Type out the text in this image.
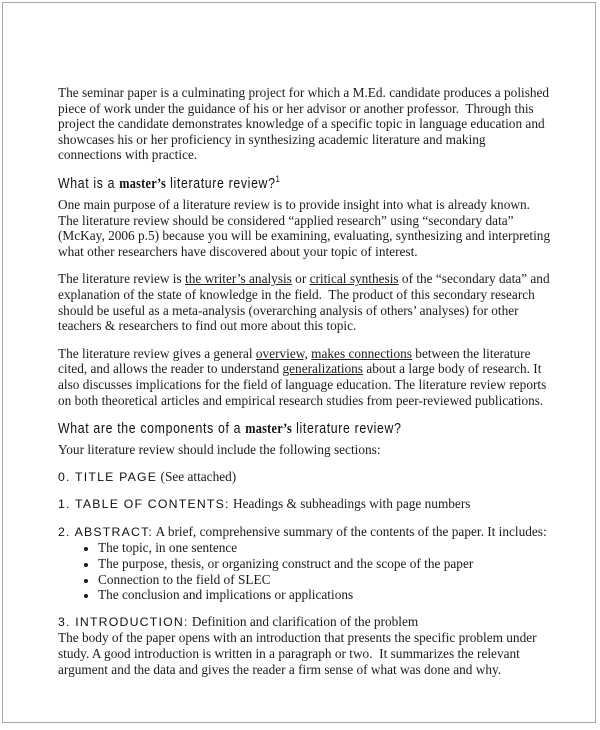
The seminar paper is a culminating project for which a M.Ed. candidate produces a polished piece of work under the guidance of his or her advisor or another professor.  Through this project the candidate demonstrates knowledge of a specific topic in language education and showcases his or her proficiency in synthesizing academic literature and making connections with practice.

What is a master’s literature review?$^1$

One main purpose of a literature review is to provide insight into what is already known. The literature review should be considered “applied research” using “secondary data” (McKay, 2006 p.5) because you will be examining, evaluating, synthesizing and interpreting what other researchers have discovered about your topic of interest.

The literature review is the writer’s analysis or critical synthesis of the “secondary data” and explanation of the state of knowledge in the field.  The product of this secondary research should be useful as a meta-analysis (overarching analysis of others’ analyses) for other teachers & researchers to find out more about this topic.

The literature review gives a general overview, makes connections between the literature cited, and allows the reader to understand generalizations about a large body of research. It also discusses implications for the field of language education. The literature review reports on both theoretical articles and empirical research studies from peer-reviewed publications.

What are the components of a master’s literature review?

Your literature review should include the following sections:

0. TITLE PAGE (See attached)

1. TABLE OF CONTENTS: Headings & subheadings with page numbers

2. ABSTRACT: A brief, comprehensive summary of the contents of the paper. It includes:

• The topic, in one sentence
• The purpose, thesis, or organizing construct and the scope of the paper
• Connection to the field of SLEC
• The conclusion and implications or applications

3. INTRODUCTION: Definition and clarification of the problem

The body of the paper opens with an introduction that presents the specific problem under study. A good introduction is written in a paragraph or two.  It summarizes the relevant argument and the data and gives the reader a firm sense of what was done and why.
